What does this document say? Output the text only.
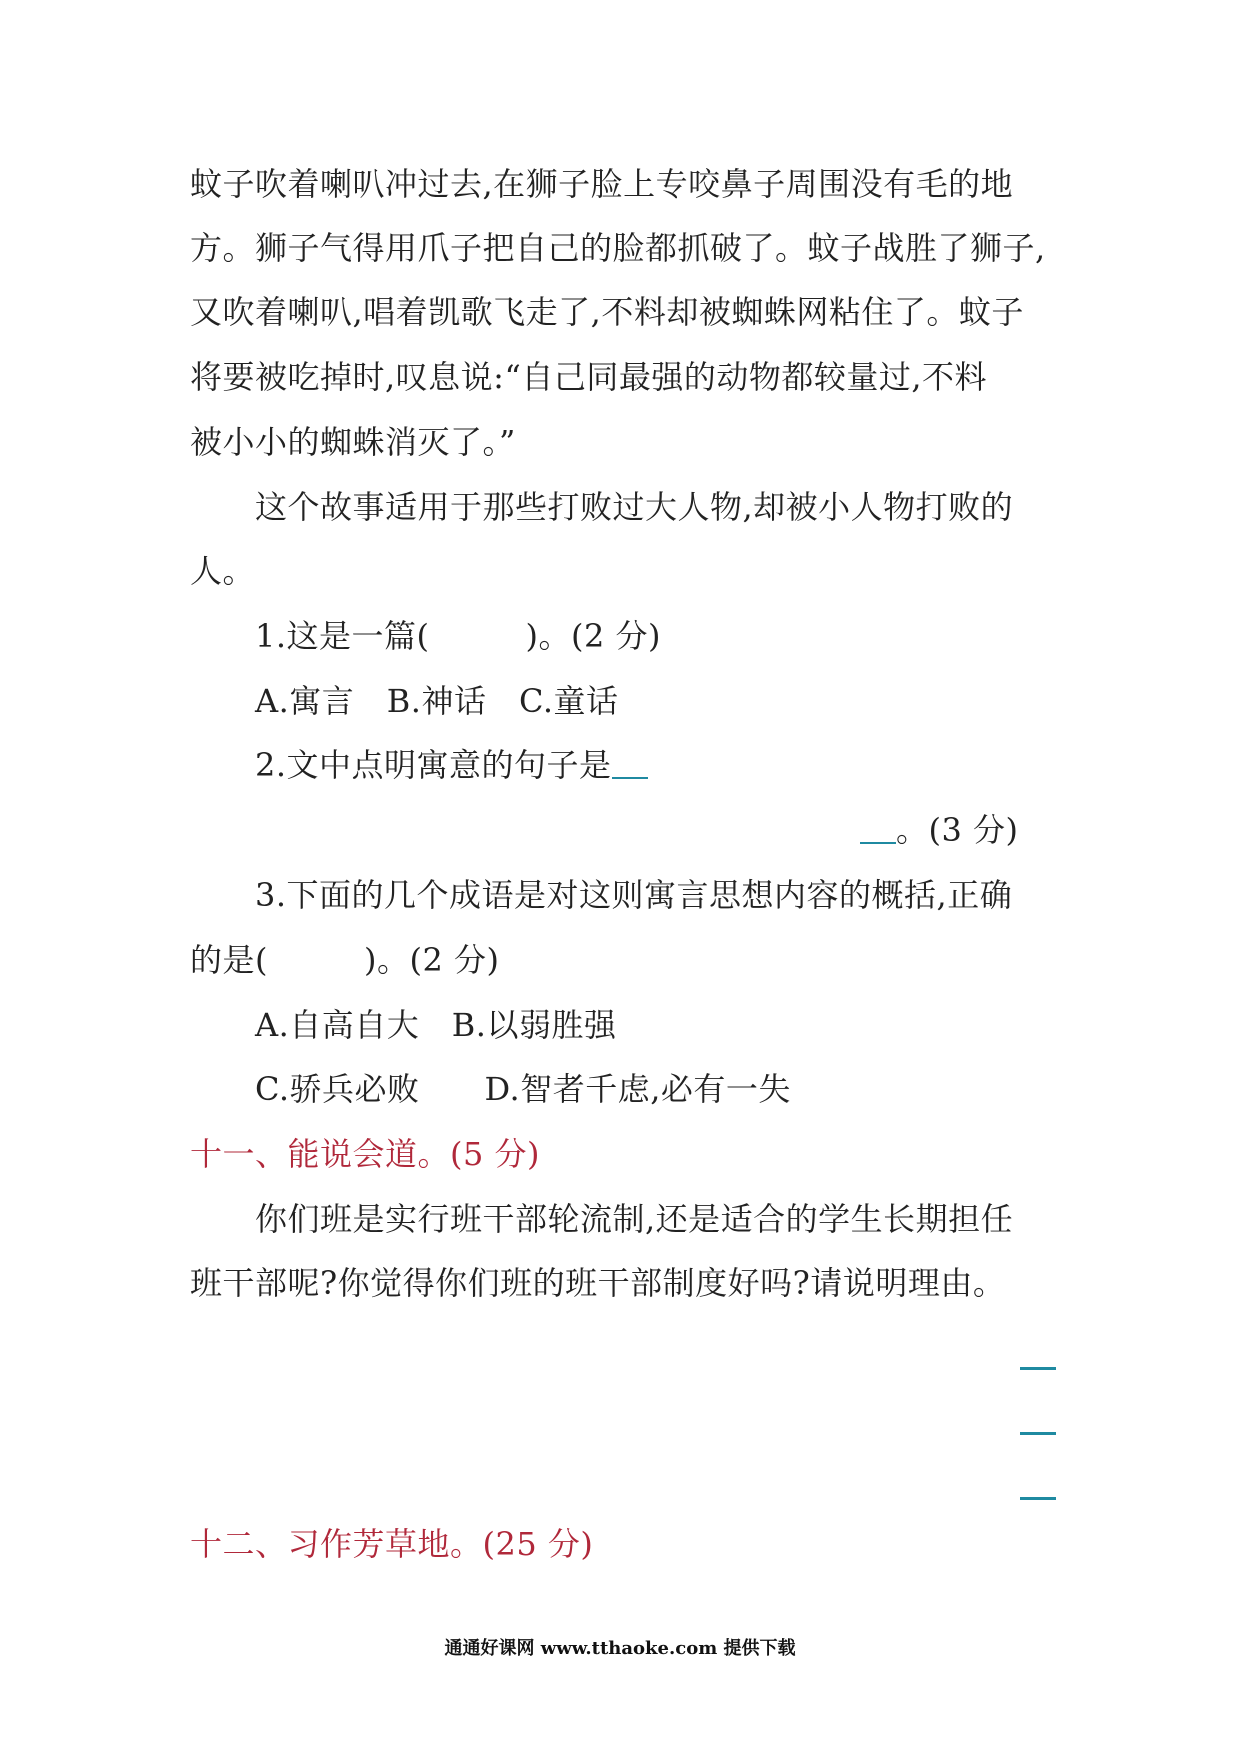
蚊子吹着喇叭冲过去,在狮子脸上专咬鼻子周围没有毛的地
方。狮子气得用爪子把自己的脸都抓破了。蚊子战胜了狮子,
又吹着喇叭,唱着凯歌飞走了,不料却被蜘蛛网粘住了。蚊子
将要被吃掉时,叹息说:“自己同最强的动物都较量过,不料
被小小的蜘蛛消灭了。”
这个故事适用于那些打败过大人物,却被小人物打败的
人。
1.这是一篇(	)。(2 分)
A.寓言　B.神话　C.童话
2.文中点明寓意的句子是
。(3 分)
3.下面的几个成语是对这则寓言思想内容的概括,正确
的是(	)。(2 分)
A.自高自大　B.以弱胜强
C.骄兵必败　　D.智者千虑,必有一失
十一、能说会道。(5 分)
你们班是实行班干部轮流制,还是适合的学生长期担任
班干部呢?你觉得你们班的班干部制度好吗?请说明理由。
十二、习作芳草地。(25 分)
通通好课网 www.tthaoke.com 提供下载
